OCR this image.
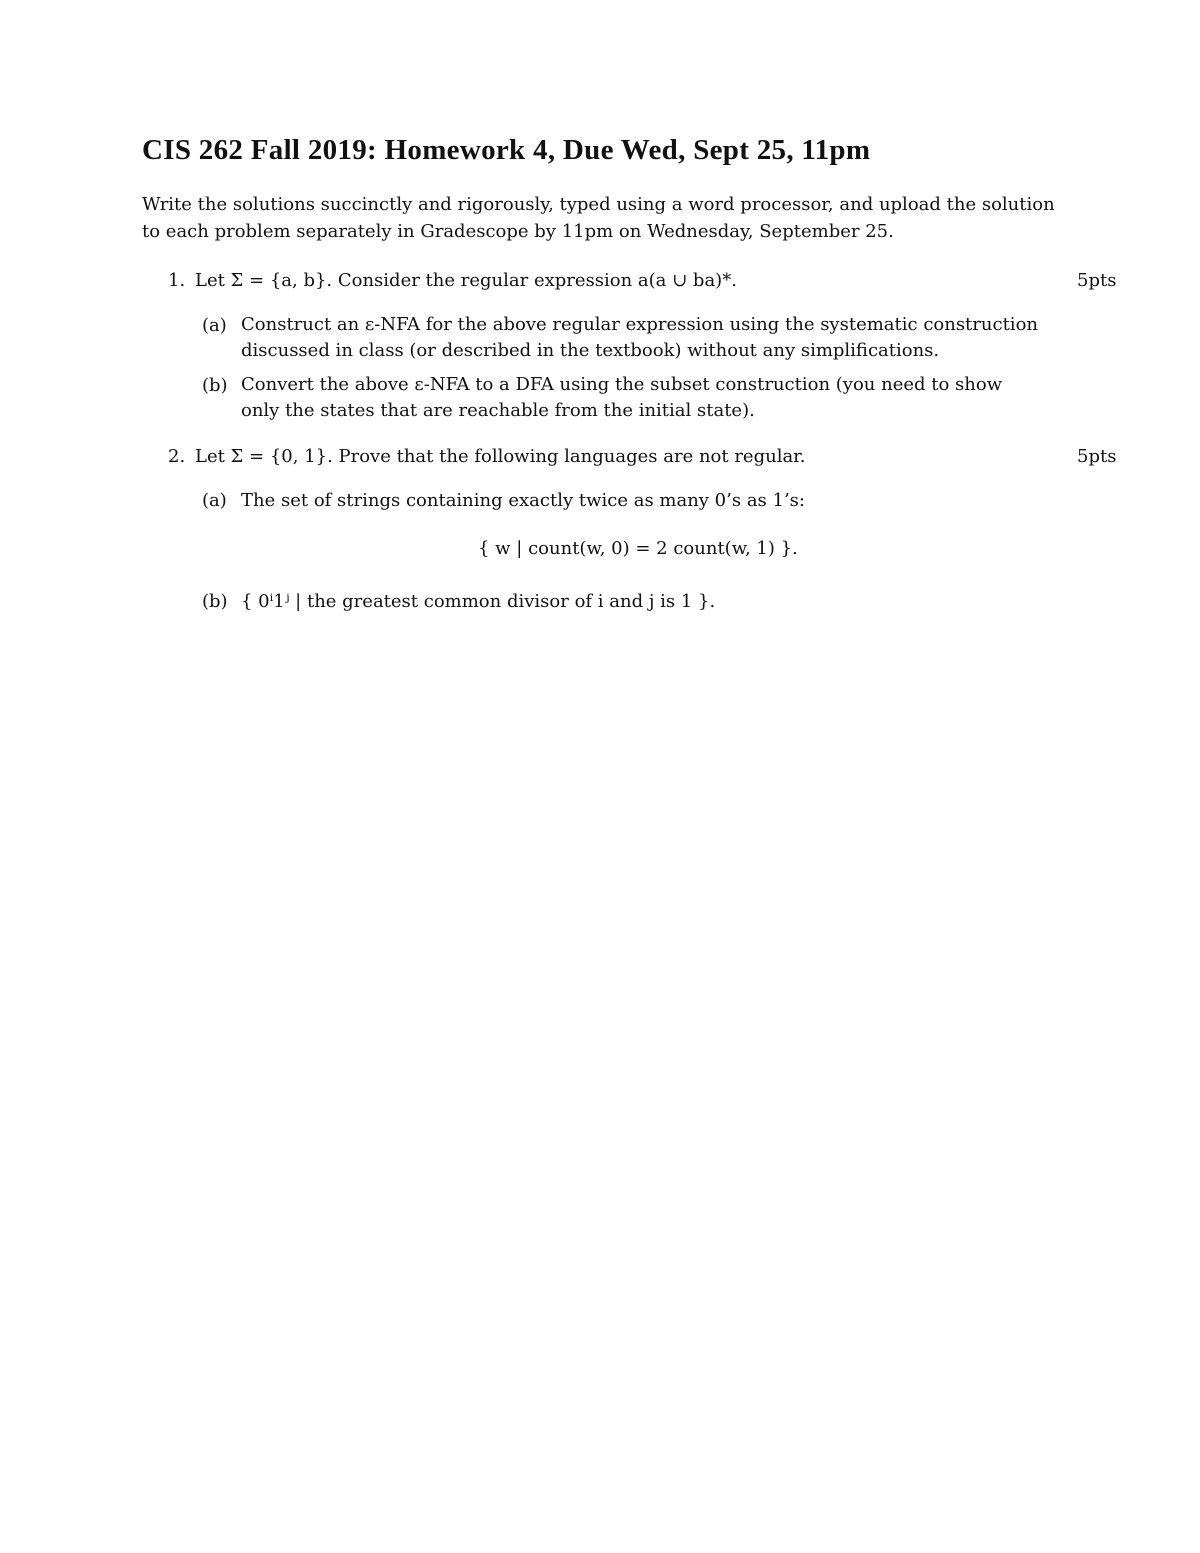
CIS 262 Fall 2019: Homework 4, Due Wed, Sept 25, 11pm
Write the solutions succinctly and rigorously, typed using a word processor, and upload the solution
to each problem separately in Gradescope by 11pm on Wednesday, September 25.
1. Let Σ = {a, b}. Consider the regular expression a(a ∪ ba)*.	5pts
(a) Construct an ε-NFA for the above regular expression using the systematic construction
discussed in class (or described in the textbook) without any simplifications.
(b) Convert the above ε-NFA to a DFA using the subset construction (you need to show
only the states that are reachable from the initial state).
2. Let Σ = {0, 1}. Prove that the following languages are not regular.	5pts
(a) The set of strings containing exactly twice as many 0’s as 1’s:
{ w | count(w, 0) = 2 count(w, 1) }.
(b) { 0ⁱ1ʲ | the greatest common divisor of i and j is 1 }.
